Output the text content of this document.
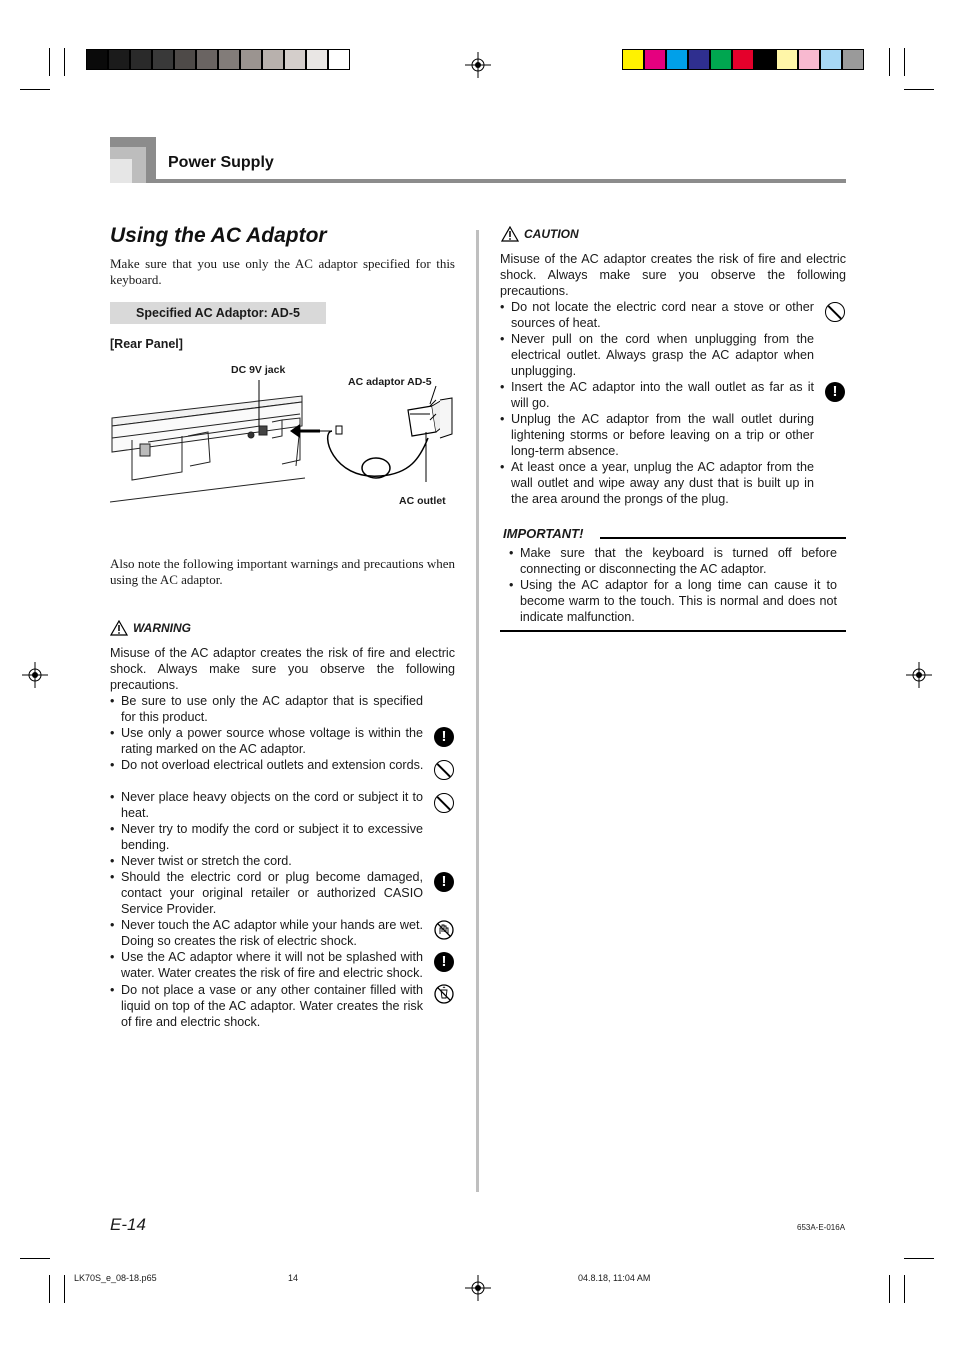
Power Supply
Using the AC Adaptor
Make sure that you use only the AC adaptor specified for this keyboard.
Specified AC Adaptor: AD-5
[Rear Panel]
DC 9V jack
AC adaptor AD-5
AC outlet
Also note the following important warnings and precautions when using the AC adaptor.
WARNING
Misuse of the AC adaptor creates the risk of fire and electric shock. Always make sure you observe the following precautions.
• Be sure to use only the AC adaptor that is specified for this product.
• Use only a power source whose voltage is within the rating marked on the AC adaptor.
• Do not overload electrical outlets and extension cords.
• Never place heavy objects on the cord or subject it to heat.
• Never try to modify the cord or subject it to excessive bending.
• Never twist or stretch the cord.
• Should the electric cord or plug become damaged, contact your original retailer or authorized CASIO Service Provider.
• Never touch the AC adaptor while your hands are wet. Doing so creates the risk of electric shock.
• Use the AC adaptor where it will not be splashed with water. Water creates the risk of fire and electric shock.
• Do not place a vase or any other container filled with liquid on top of the AC adaptor. Water creates the risk of fire and electric shock.
!
!
!
CAUTION
Misuse of the AC adaptor creates the risk of fire and electric shock. Always make sure you observe the following precautions.
• Do not locate the electric cord near a stove or other sources of heat.
• Never pull on the cord when unplugging from the electrical outlet. Always grasp the AC adaptor when unplugging.
• Insert the AC adaptor into the wall outlet as far as it will go.
• Unplug the AC adaptor from the wall outlet during lightening storms or before leaving on a trip or other long-term absence.
• At least once a year, unplug the AC adaptor from the wall outlet and wipe away any dust that is built up in the area around the prongs of the plug.
!
IMPORTANT!
• Make sure that the keyboard is turned off before connecting or disconnecting the AC adaptor.
• Using the AC adaptor for a long time can cause it to become warm to the touch. This is normal and does not indicate malfunction.
E-14	653A-E-016A
LK70S_e_08-18.p65	14	04.8.18, 11:04 AM
